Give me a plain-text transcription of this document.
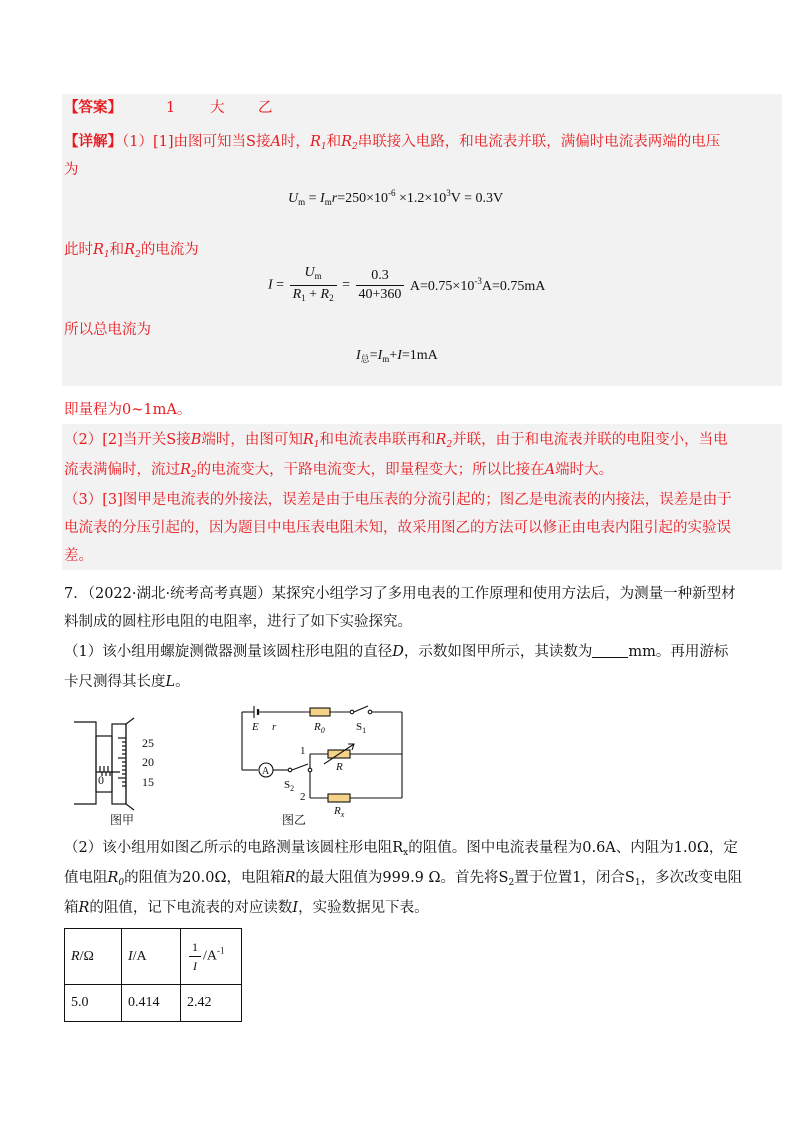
【答案】	1 大 乙
【详解】（1）[1]由图可知当S接A时，$R_1$和$R_2$串联接入电路，和电流表并联，满偏时电流表两端的电压
为
$U_m = I_mr=250\times 10^{-6} \times 1.2\times 10^3V = 0.3V$
此时$R_1$和$R_2$的电流为
$I = \frac{U_m}{R_1 + R_2} = \frac{0.3}{40+360} A=0.75\times 10^{-3}A=0.75mA$
所以总电流为
$I_总=I_m+I=1mA$
即量程为0~1mA。
（2）[2]当开关S接B端时，由图可知$R_1$和电流表串联再和$R_2$并联，由于和电流表并联的电阻变小，当电
流表满偏时，流过$R_2$的电流变大，干路电流变大，即量程变大；所以比接在A端时大。
（3）[3]图甲是电流表的外接法，误差是由于电压表的分流引起的；图乙是电流表的内接法，误差是由于
电流表的分压引起的，因为题目中电压表电阻未知，故采用图乙的方法可以修正由电表内阻引起的实验误
差。
7．（2022·湖北·统考高考真题）某探究小组学习了多用电表的工作原理和使用方法后，为测量一种新型材
料制成的圆柱形电阻的电阻率，进行了如下实验探究。
（1）该小组用螺旋测微器测量该圆柱形电阻的直径D，示数如图甲所示，其读数为 mm。再用游标
卡尺测得其长度L。
25
20
15
0
图甲
E r	$R_0$	$S_1$
1
R
A
$S_2$
2
$R_x$
图乙
（2）该小组用如图乙所示的电路测量该圆柱形电阻$R_x$的阻值。图中电流表量程为0.6A、内阻为1.0Ω，定
值电阻$R_0$的阻值为20.0Ω，电阻箱R的最大阻值为999.9 Ω。首先将$S_2$置于位置1，闭合$S_1$，多次改变电阻
箱R的阻值，记下电流表的对应读数I，实验数据见下表。
R/Ω	I/A	$\frac{1}{I} /A^{-1}$
5.0	0.414	2.42
